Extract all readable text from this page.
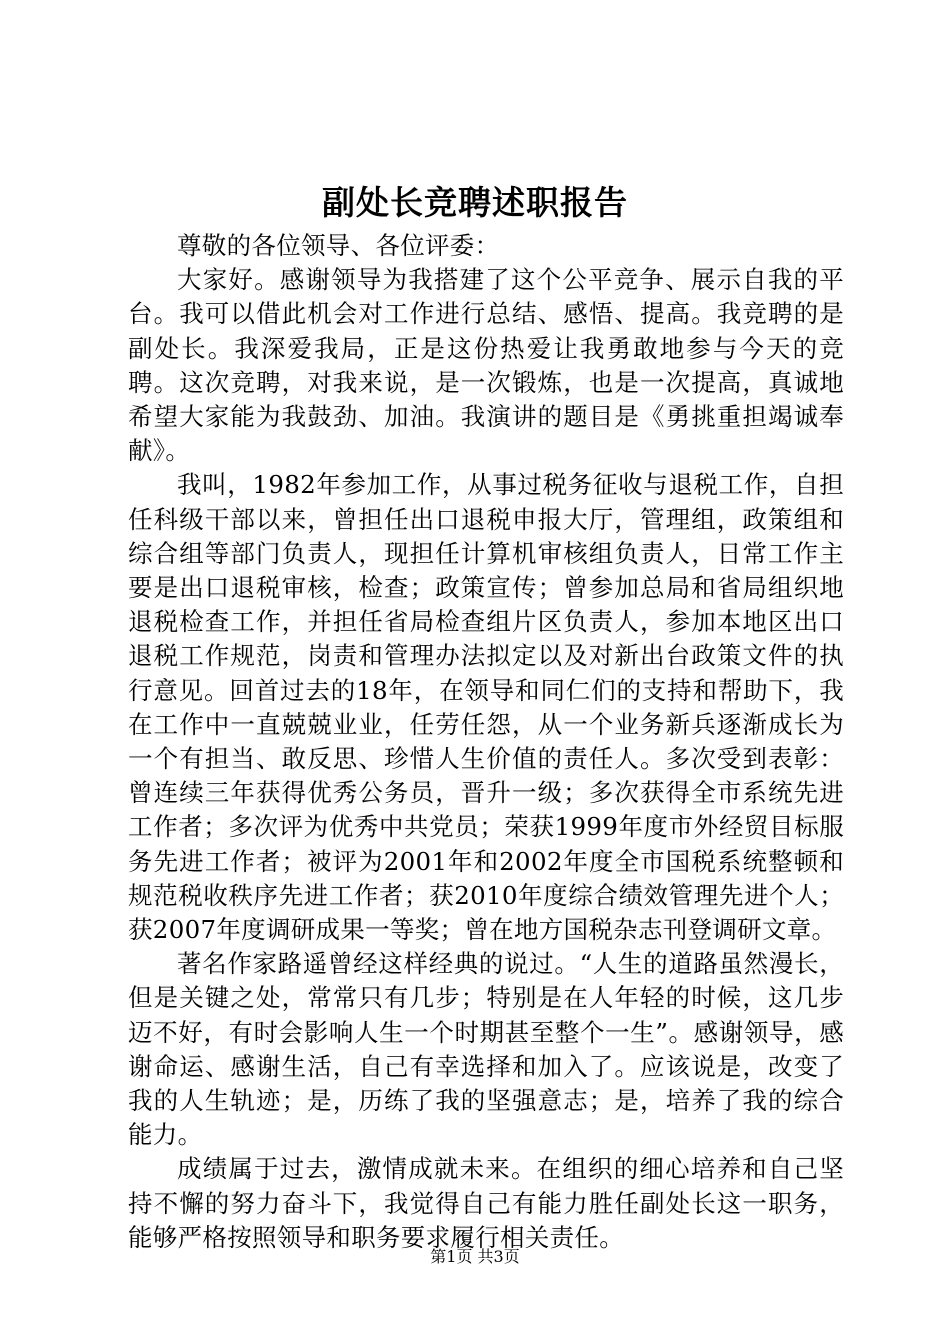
副处长竞聘述职报告

尊敬的各位领导、各位评委：

大家好。感谢领导为我搭建了这个公平竞争、展示自我的平台。我可以借此机会对工作进行总结、感悟、提高。我竞聘的是副处长。我深爱我局，正是这份热爱让我勇敢地参与今天的竞聘。这次竞聘，对我来说，是一次锻炼，也是一次提高，真诚地希望大家能为我鼓劲、加油。我演讲的题目是《勇挑重担竭诚奉献》。

我叫，1982年参加工作，从事过税务征收与退税工作，自担任科级干部以来，曾担任出口退税申报大厅，管理组，政策组和综合组等部门负责人，现担任计算机审核组负责人，日常工作主要是出口退税审核，检查；政策宣传；曾参加总局和省局组织地退税检查工作，并担任省局检查组片区负责人，参加本地区出口退税工作规范，岗责和管理办法拟定以及对新出台政策文件的执行意见。回首过去的18年，在领导和同仁们的支持和帮助下，我在工作中一直兢兢业业，任劳任怨，从一个业务新兵逐渐成长为一个有担当、敢反思、珍惜人生价值的责任人。多次受到表彰：曾连续三年获得优秀公务员，晋升一级；多次获得全市系统先进工作者；多次评为优秀中共党员；荣获1999年度市外经贸目标服务先进工作者；被评为2001年和2002年度全市国税系统整顿和规范税收秩序先进工作者；获2010年度综合绩效管理先进个人；获2007年度调研成果一等奖；曾在地方国税杂志刊登调研文章。

著名作家路遥曾经这样经典的说过。“人生的道路虽然漫长，但是关键之处，常常只有几步；特别是在人年轻的时候，这几步迈不好，有时会影响人生一个时期甚至整个一生”。感谢领导，感谢命运、感谢生活，自己有幸选择和加入了。应该说是，改变了我的人生轨迹；是，历练了我的坚强意志；是，培养了我的综合能力。

成绩属于过去，激情成就未来。在组织的细心培养和自己坚持不懈的努力奋斗下，我觉得自己有能力胜任副处长这一职务，能够严格按照领导和职务要求履行相关责任。

第1页 共3页
